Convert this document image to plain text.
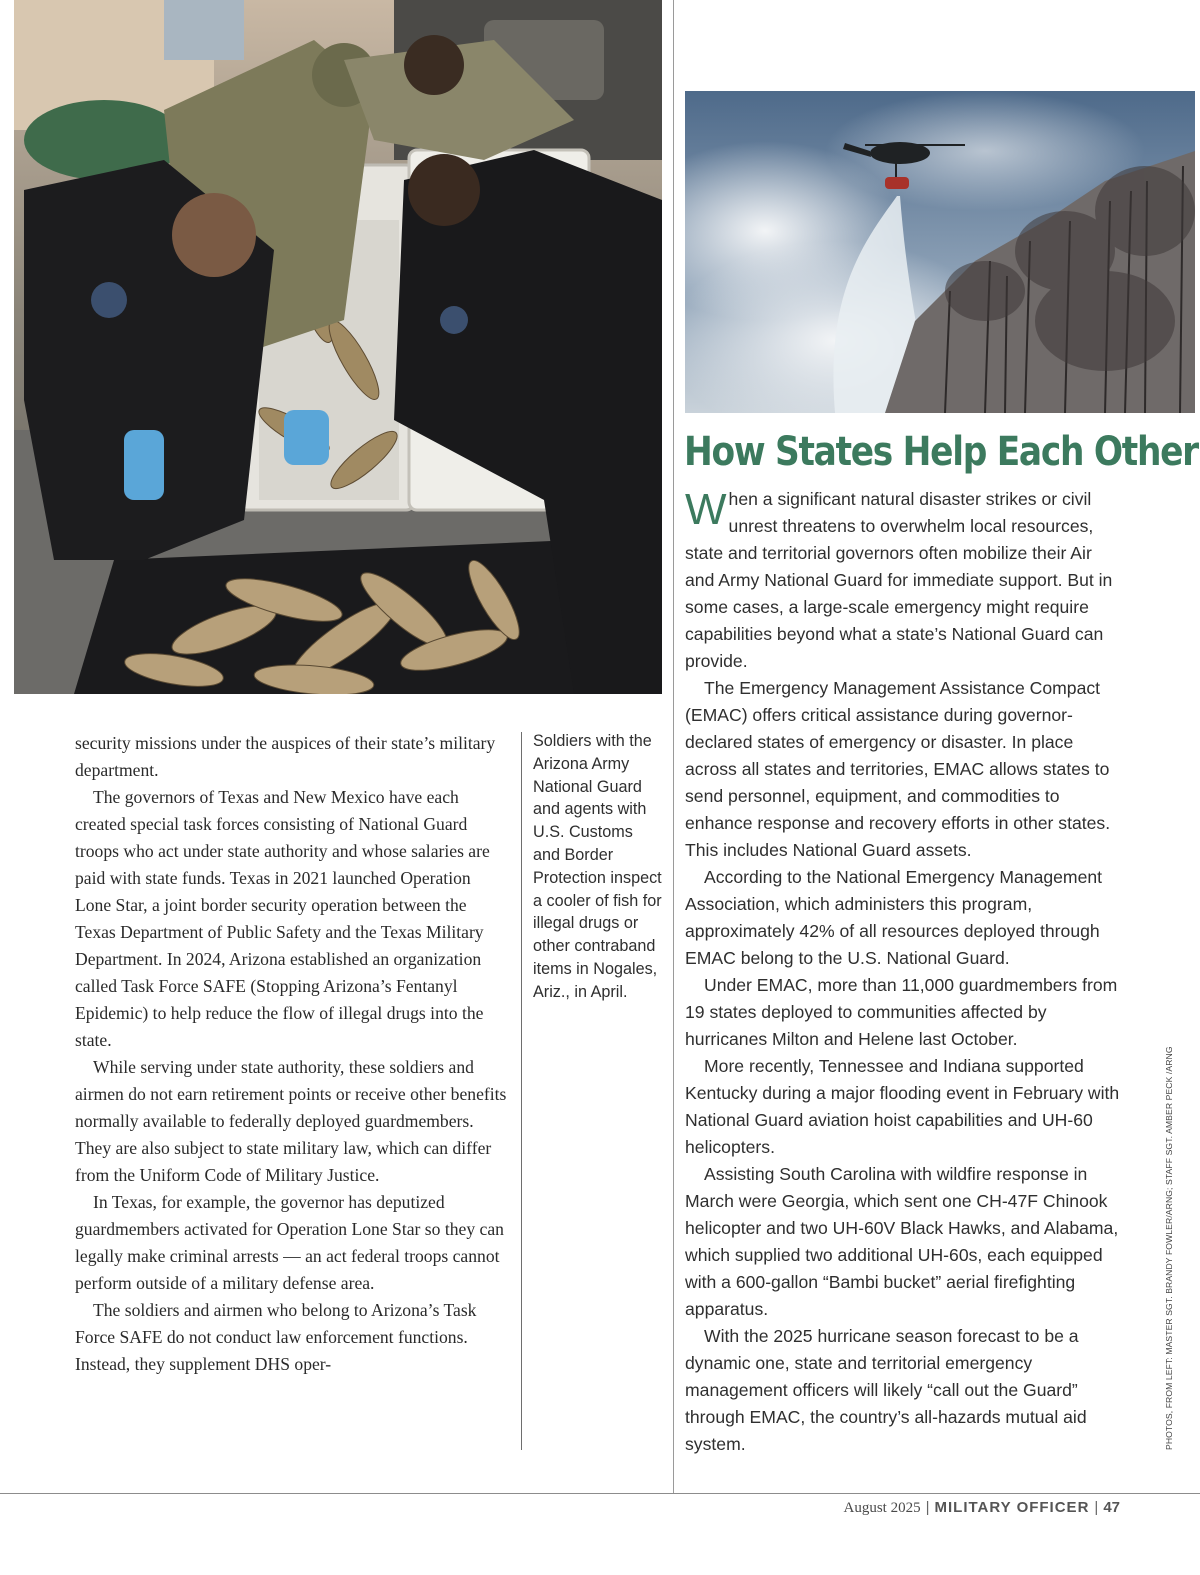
security missions under the auspices of their state’s military department.

The governors of Texas and New Mexico have each created special task forces consisting of National Guard troops who act under state authority and whose salaries are paid with state funds. Texas in 2021 launched Operation Lone Star, a joint border security operation between the Texas Department of Public Safety and the Texas Military Department. In 2024, Arizona established an organization called Task Force SAFE (Stopping Arizona’s Fentanyl Epidemic) to help reduce the flow of illegal drugs into the state.

While serving under state authority, these soldiers and airmen do not earn retirement points or receive other benefits normally available to federally deployed guardmembers. They are also subject to state military law, which can differ from the Uniform Code of Military Justice.

In Texas, for example, the governor has deputized guardmembers activated for Operation Lone Star so they can legally make criminal arrests — an act federal troops cannot perform outside of a military defense area.

The soldiers and airmen who belong to Arizona’s Task Force SAFE do not conduct law enforcement functions. Instead, they supplement DHS oper-

Soldiers with the Arizona Army National Guard and agents with U.S. Customs and Border Protection inspect a cooler of fish for illegal drugs or other contraband items in Nogales, Ariz., in April.
How States Help Each Other

When a significant natural disaster strikes or civil unrest threatens to overwhelm local resources, state and territorial governors often mobilize their Air and Army National Guard for immediate support. But in some cases, a large-scale emergency might require capabilities beyond what a state’s National Guard can provide.

The Emergency Management Assistance Compact (EMAC) offers critical assistance during governor-declared states of emergency or disaster. In place across all states and territories, EMAC allows states to send personnel, equipment, and commodities to enhance response and recovery efforts in other states. This includes National Guard assets.

According to the National Emergency Management Association, which administers this program, approximately 42% of all resources deployed through EMAC belong to the U.S. National Guard.

Under EMAC, more than 11,000 guardmembers from 19 states deployed to communities affected by hurricanes Milton and Helene last October.

More recently, Tennessee and Indiana supported Kentucky during a major flooding event in February with National Guard aviation hoist capabilities and UH-60 helicopters.

Assisting South Carolina with wildfire response in March were Georgia, which sent one CH-47F Chinook helicopter and two UH-60V Black Hawks, and Alabama, which supplied two additional UH-60s, each equipped with a 600-gallon “Bambi bucket” aerial firefighting apparatus.

With the 2025 hurricane season forecast to be a dynamic one, state and territorial emergency management officers will likely “call out the Guard” through EMAC, the country’s all-hazards mutual aid system.	PHOTOS, FROM LEFT: MASTER SGT. BRANDY FOWLER/ARNG; STAFF SGT. AMBER PECK /ARNG
August 2025 | MILITARY OFFICER | 47
